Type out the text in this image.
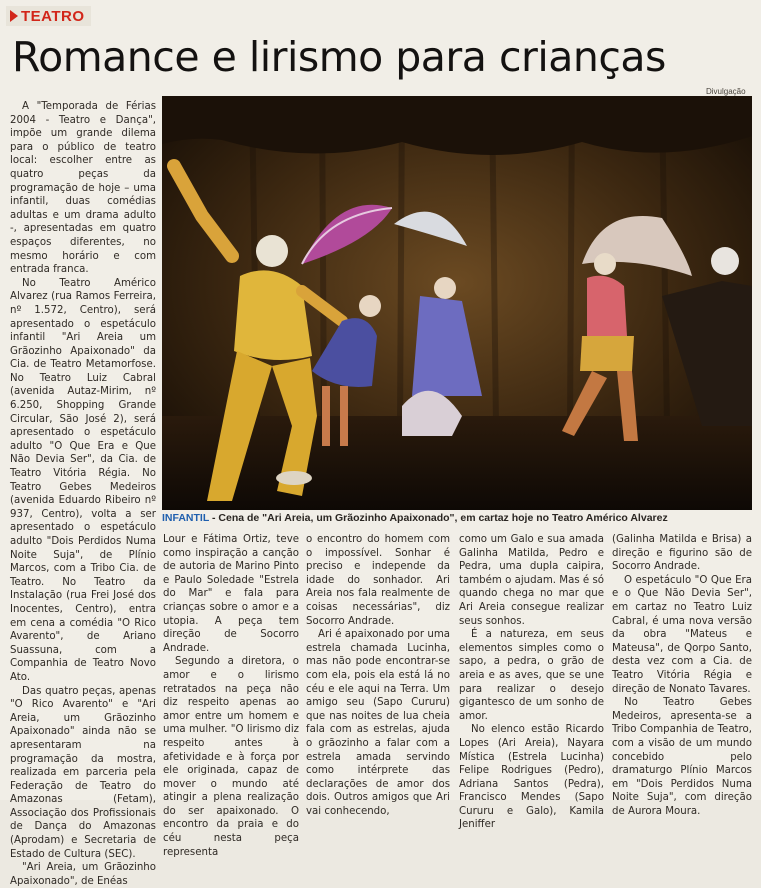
TEATRO
Romance e lirismo para crianças
Divulgação
INFANTIL - Cena de "Ari Areia, um Grãozinho Apaixonado", em cartaz hoje no Teatro Américo Alvarez

A "Temporada de Férias 2004 - Teatro e Dança", impõe um grande dilema para o público de teatro local: escolher entre as quatro peças da programação de hoje – uma infantil, duas comédias adultas e um drama adulto -, apresentadas em quatro espaços diferentes, no mesmo horário e com entrada franca.

No Teatro Américo Alvarez (rua Ramos Ferreira, nº 1.572, Centro), será apresentado o espetáculo infantil "Ari Areia um Grãozinho Apaixonado" da Cia. de Teatro Metamorfose. No Teatro Luiz Cabral (avenida Autaz-Mirim, nº 6.250, Shopping Grande Circular, São José 2), será apresentado o espetáculo adulto "O Que Era e Que Não Devia Ser", da Cia. de Teatro Vitória Régia. No Teatro Gebes Medeiros (avenida Eduardo Ribeiro nº 937, Centro), volta a ser apresentado o espetáculo adulto "Dois Perdidos Numa Noite Suja", de Plínio Marcos, com a Tribo Cia. de Teatro. No Teatro da Instalação (rua Frei José dos Inocentes, Centro), entra em cena a comédia "O Rico Avarento", de Ariano Suassuna, com a Companhia de Teatro Novo Ato.

Das quatro peças, apenas "O Rico Avarento" e "Ari Areia, um Grãozinho Apaixonado" ainda não se apresentaram na programação da mostra, realizada em parceria pela Federação de Teatro do Amazonas (Fetam), Associação dos Profissionais de Dança do Amazonas (Aprodam) e Secretaria de Estado de Cultura (SEC).

"Ari Areia, um Grãozinho Apaixonado", de Enéas

Lour e Fátima Ortiz, teve como inspiração a canção de autoria de Marino Pinto e Paulo Soledade "Estrela do Mar" e fala para crianças sobre o amor e a utopia. A peça tem direção de Socorro Andrade.

Segundo a diretora, o amor e o lirismo retratados na peça não diz respeito apenas ao amor entre um homem e uma mulher. "O lirismo diz respeito antes à afetividade e à força por ele originada, capaz de mover o mundo até atingir a plena realização do ser apaixonado. O encontro da praia e do céu nesta peça representa

o encontro do homem com o impossível. Sonhar é preciso e independe da idade do sonhador. Ari Areia nos fala realmente de coisas necessárias", diz Socorro Andrade.

Ari é apaixonado por uma estrela chamada Lucinha, mas não pode encontrar-se com ela, pois ela está lá no céu e ele aqui na Terra. Um amigo seu (Sapo Cururu) que nas noites de lua cheia fala com as estrelas, ajuda o grãozinho a falar com a estrela amada servindo como intérprete das declarações de amor dos dois. Outros amigos que Ari vai conhecendo,

como um Galo e sua amada Galinha Matilda, Pedro e Pedra, uma dupla caipira, também o ajudam. Mas é só quando chega no mar que Ari Areia consegue realizar seus sonhos.

É a natureza, em seus elementos simples como o sapo, a pedra, o grão de areia e as aves, que se une para realizar o desejo gigantesco de um sonho de amor.

No elenco estão Ricardo Lopes (Ari Areia), Nayara Mística (Estrela Lucinha) Felipe Rodrigues (Pedro), Adriana Santos (Pedra), Francisco Mendes (Sapo Cururu e Galo), Kamila Jeniffer

(Galinha Matilda e Brisa) a direção e figurino são de Socorro Andrade.

O espetáculo "O Que Era e o Que Não Devia Ser", em cartaz no Teatro Luiz Cabral, é uma nova versão da obra "Mateus e Mateusa", de Qorpo Santo, desta vez com a Cia. de Teatro Vitória Régia e direção de Nonato Tavares.

No Teatro Gebes Medeiros, apresenta-se a Tribo Companhia de Teatro, com a visão de um mundo concebido pelo dramaturgo Plínio Marcos em "Dois Perdidos Numa Noite Suja", com direção de Aurora Moura.
